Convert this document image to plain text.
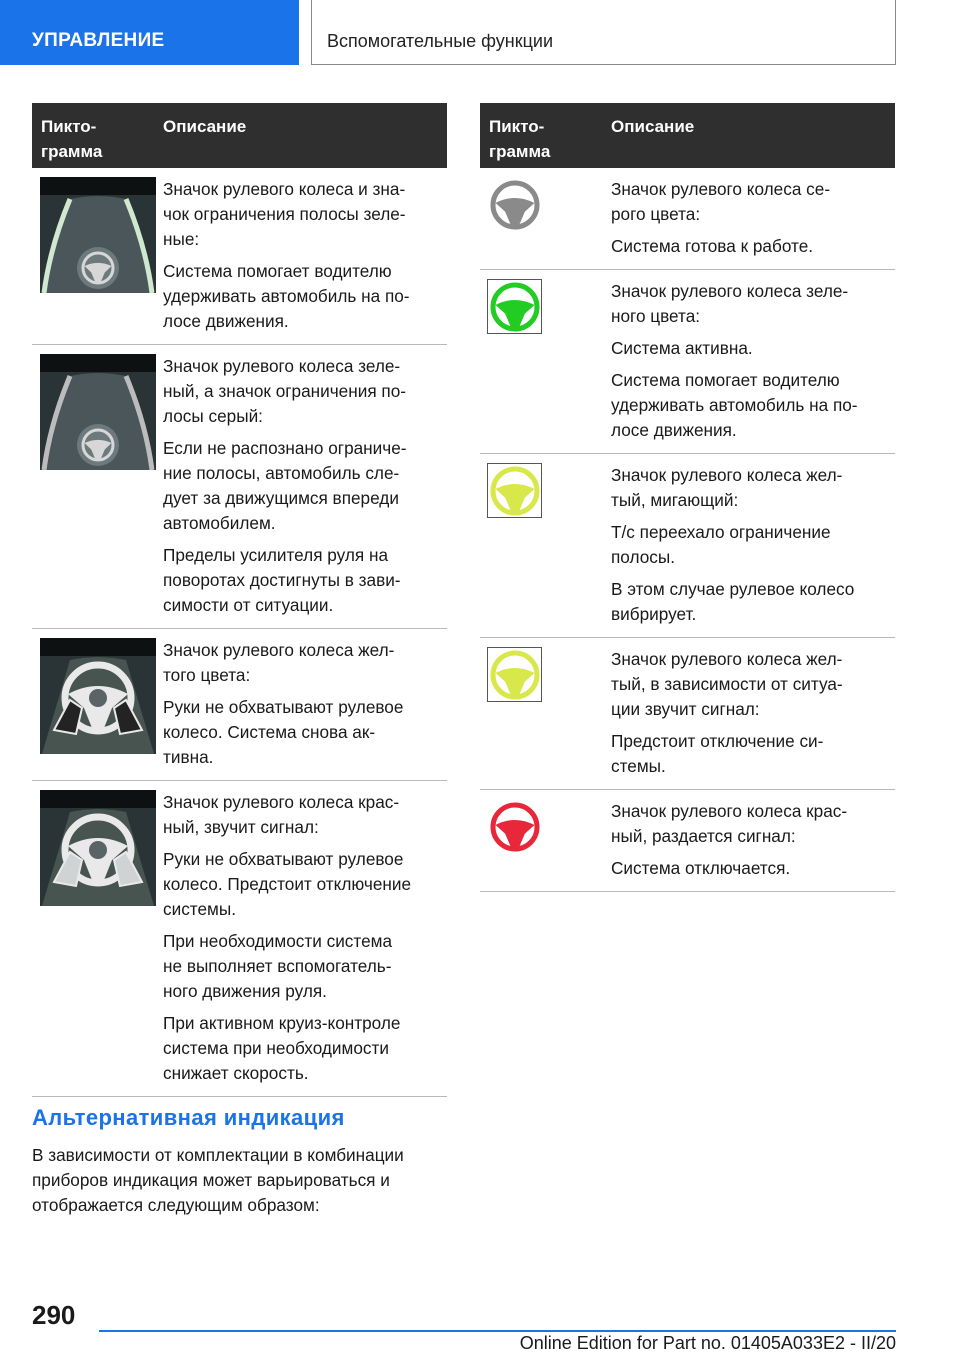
УПРАВЛЕНИЕ	Вспомогательные функции
Пикто-
грамма
Описание

Значок рулевого колеса и зна-
чок ограничения полосы зеле-
ные:

Система помогает водителю
удерживать автомобиль на по-
лосе движения.

Значок рулевого колеса зеле-
ный, а значок ограничения по-
лосы серый:

Если не распознано ограниче-
ние полосы, автомобиль сле-
дует за движущимся впереди
автомобилем.

Пределы усилителя руля на
поворотах достигнуты в зави-
симости от ситуации.

Значок рулевого колеса жел-
того цвета:

Руки не обхватывают рулевое
колесо. Система снова ак-
тивна.

Значок рулевого колеса крас-
ный, звучит сигнал:

Руки не обхватывают рулевое
колесо. Предстоит отключение
системы.

При необходимости система
не выполняет вспомогатель-
ного движения руля.

При активном круиз-контроле
система при необходимости
снижает скорость.

Пикто-
грамма
Описание

Значок рулевого колеса се-
рого цвета:

Система готова к работе.

Значок рулевого колеса зеле-
ного цвета:

Система активна.

Система помогает водителю
удерживать автомобиль на по-
лосе движения.

Значок рулевого колеса жел-
тый, мигающий:

Т/с переехало ограничение
полосы.

В этом случае рулевое колесо
вибрирует.

Значок рулевого колеса жел-
тый, в зависимости от ситуа-
ции звучит сигнал:

Предстоит отключение си-
стемы.

Значок рулевого колеса крас-
ный, раздается сигнал:

Система отключается.

Альтернативная индикация
В зависимости от комплектации в комбинации
приборов индикация может варьироваться и
отображается следующим образом:
290
Online Edition for Part no. 01405A033E2 - II/20
